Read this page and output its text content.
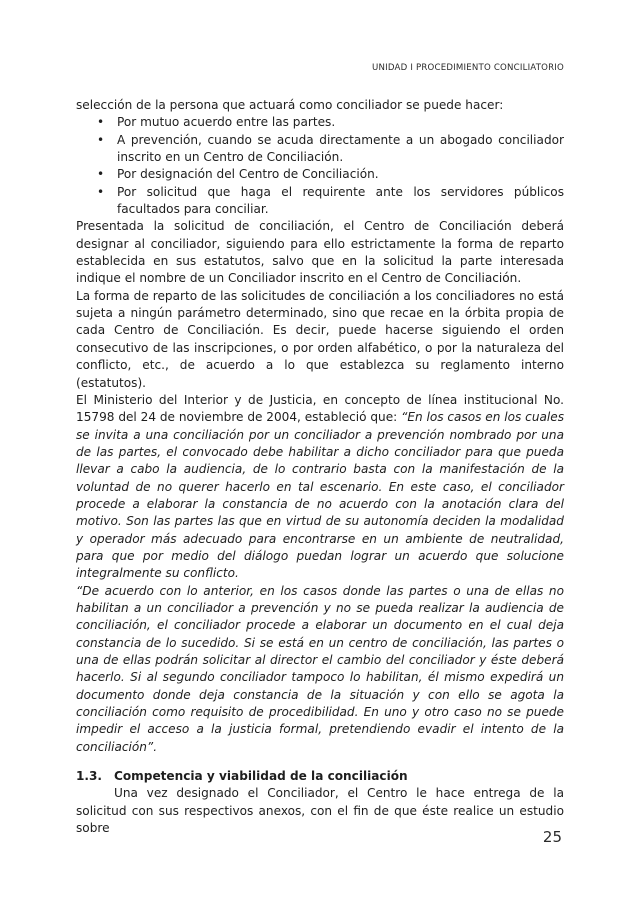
UNIDAD I PROCEDIMIENTO CONCILIATORIO

selección de la persona que actuará como conciliador se puede hacer:

• Por mutuo acuerdo entre las partes.
• A prevención, cuando se acuda directamente a un abogado conciliador inscrito en un Centro de Conciliación.
• Por designación del Centro de Conciliación.
• Por solicitud que haga el requirente ante los servidores públicos facultados para conciliar.

Presentada la solicitud de conciliación, el Centro de Conciliación deberá designar al conciliador, siguiendo para ello estrictamente la forma de reparto establecida en sus estatutos, salvo que en la solicitud la parte interesada indique el nombre de un Conciliador inscrito en el Centro de Conciliación.

La forma de reparto de las solicitudes de conciliación a los conciliadores no está sujeta a ningún parámetro determinado, sino que recae en la órbita propia de cada Centro de Conciliación. Es decir, puede hacerse siguiendo el orden consecutivo de las inscripciones, o por orden alfabético, o por la naturaleza del conflicto, etc., de acuerdo a lo que establezca su reglamento interno (estatutos).

El Ministerio del Interior y de Justicia, en concepto de línea institucional No. 15798 del 24 de noviembre de 2004, estableció que: “En los casos en los cuales se invita a una conciliación por un conciliador a prevención nombrado por una de las partes, el convocado debe habilitar a dicho conciliador para que pueda llevar a cabo la audiencia, de lo contrario basta con la manifestación de la voluntad de no querer hacerlo en tal escenario. En este caso, el conciliador procede a elaborar la constancia de no acuerdo con la anotación clara del motivo. Son las partes las que en virtud de su autonomía deciden la modalidad y operador más adecuado para encontrarse en un ambiente de neutralidad, para que por medio del diálogo puedan lograr un acuerdo que solucione integralmente su conflicto.

“De acuerdo con lo anterior, en los casos donde las partes o una de ellas no habilitan a un conciliador a prevención y no se pueda realizar la audiencia de conciliación, el conciliador procede a elaborar un documento en el cual deja constancia de lo sucedido. Si se está en un centro de conciliación, las partes o una de ellas podrán solicitar al director el cambio del conciliador y éste deberá hacerlo. Si al segundo conciliador tampoco lo habilitan, él mismo expedirá un documento donde deja constancia de la situación y con ello se agota la conciliación como requisito de procedibilidad. En uno y otro caso no se puede impedir el acceso a la justicia formal, pretendiendo evadir el intento de la conciliación”.

1.3. Competencia y viabilidad de la conciliación

Una vez designado el Conciliador, el Centro le hace entrega de la solicitud con sus respectivos anexos, con el fin de que éste realice un estudio sobre	25
